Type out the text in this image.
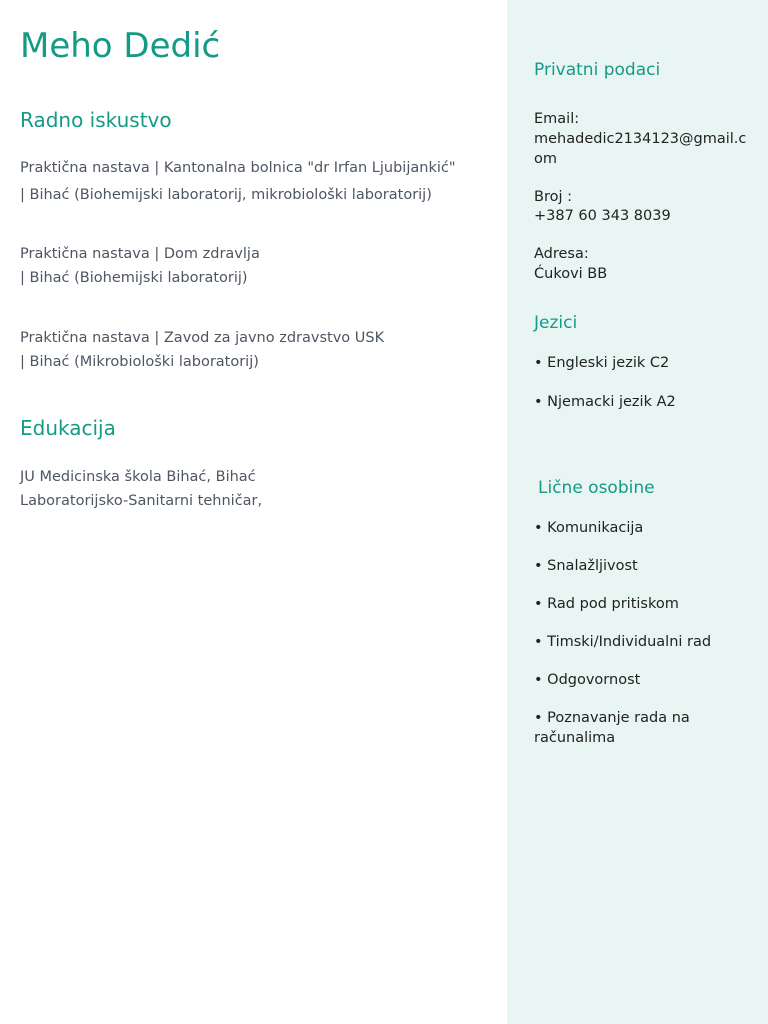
Meho Dedić
Radno iskustvo
Praktična nastava | Kantonalna bolnica "dr Irfan Ljubijankić"
| Bihać (Biohemijski laboratorij, mikrobiološki laboratorij)
Praktična nastava | Dom zdravlja
| Bihać (Biohemijski laboratorij)
Praktična nastava | Zavod za javno zdravstvo USK
| Bihać (Mikrobiološki laboratorij)
Edukacija
JU Medicinska škola Bihać, Bihać
Laboratorijsko-Sanitarni tehničar,
Privatni podaci
Email:
mehadedic2134123@gmail.c
om
Broj :
+387 60 343 8039
Adresa:
Ćukovi BB
Jezici
• Engleski jezik C2
• Njemacki jezik A2
Lične osobine
• Komunikacija
• Snalažljivost
• Rad pod pritiskom
• Timski/Individualni rad
• Odgovornost
• Poznavanje rada na
računalima
